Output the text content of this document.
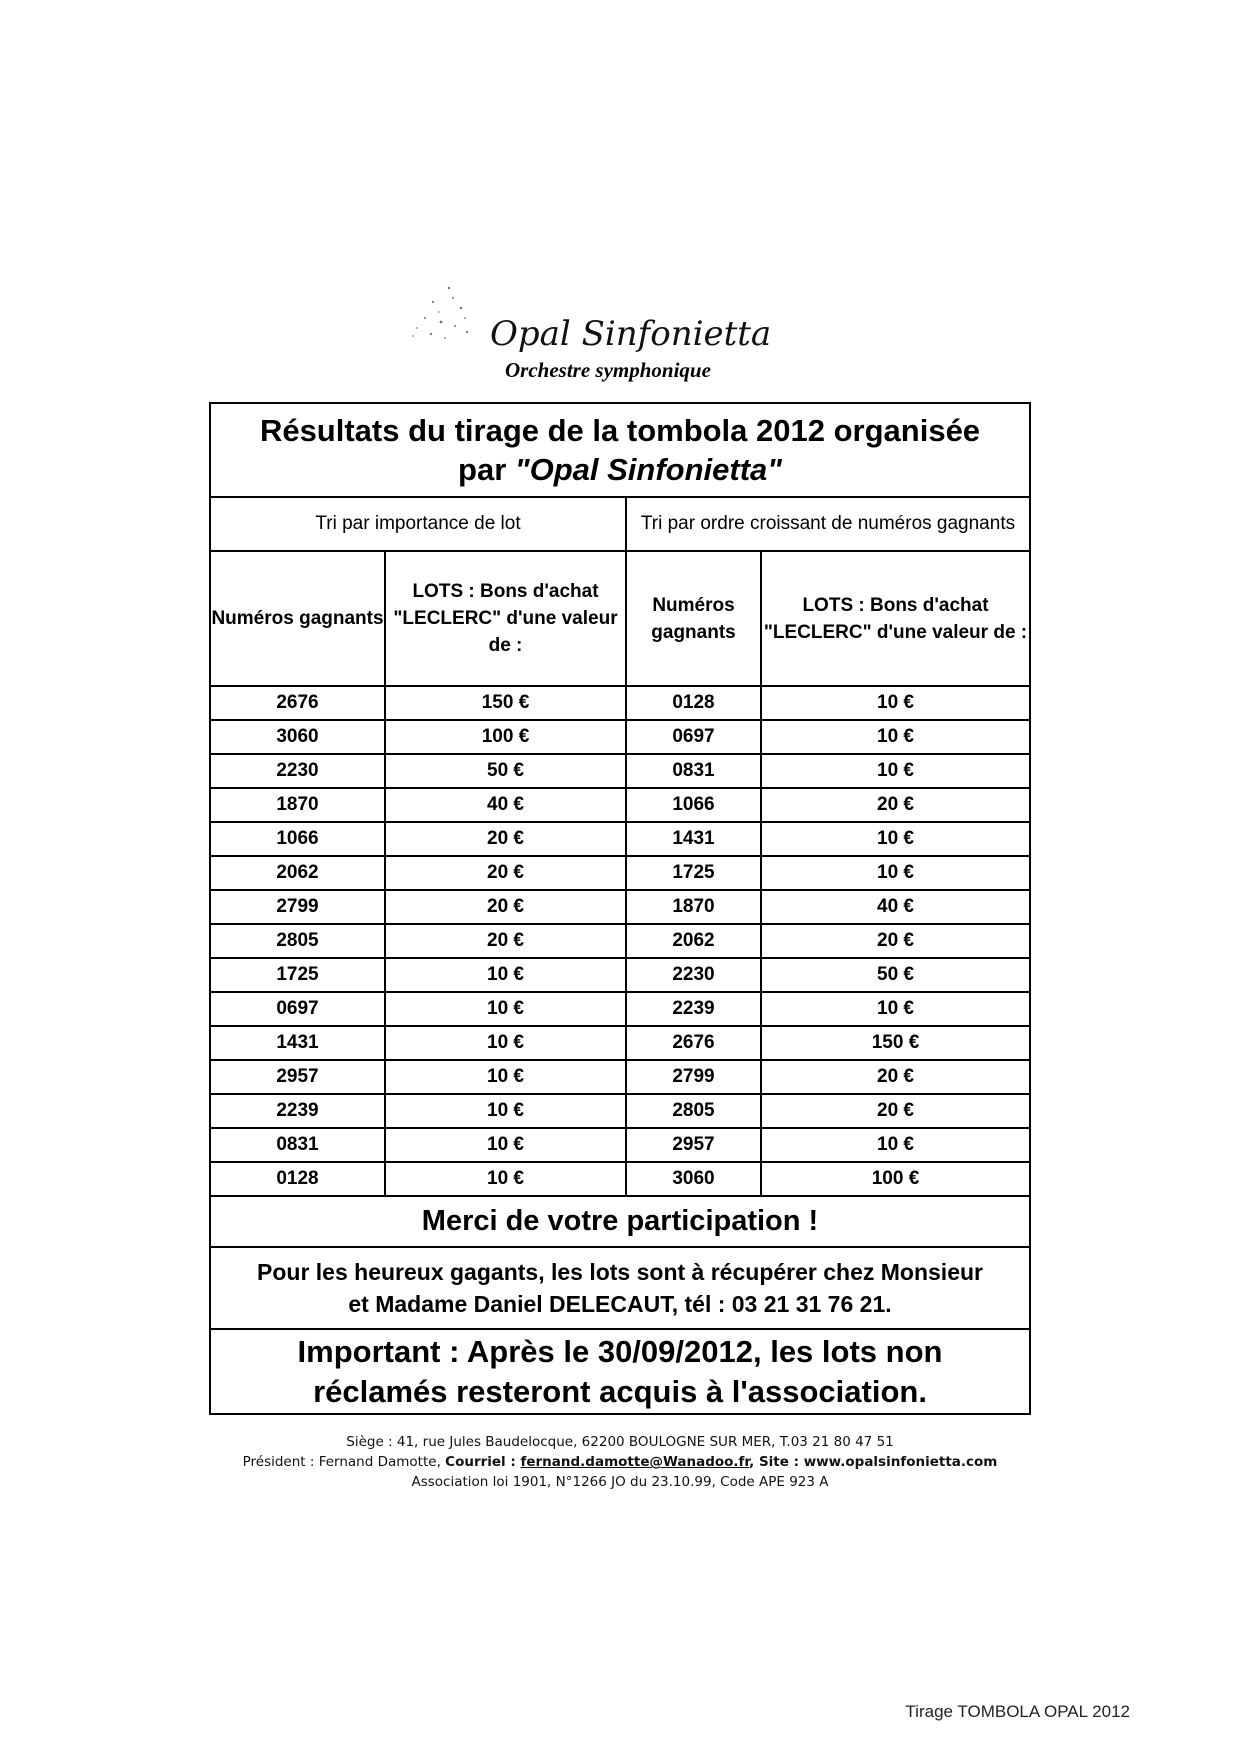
Opal Sinfonietta
Orchestre symphonique
Résultats du tirage de la tombola 2012 organisée
par "Opal Sinfonietta"			
Tri par importance de lot		Tri par ordre croissant de numéros gagnants	
Numéros gagnants	LOTS : Bons d'achat "LECLERC" d'une valeur de :	Numéros gagnants	LOTS : Bons d'achat "LECLERC" d'une valeur de :
2676	150 €	0128	10 €
3060	100 €	0697	10 €
2230	50 €	0831	10 €
1870	40 €	1066	20 €
1066	20 €	1431	10 €
2062	20 €	1725	10 €
2799	20 €	1870	40 €
2805	20 €	2062	20 €
1725	10 €	2230	50 €
0697	10 €	2239	10 €
1431	10 €	2676	150 €
2957	10 €	2799	20 €
2239	10 €	2805	20 €
0831	10 €	2957	10 €
0128	10 €	3060	100 €
Merci de votre participation !			
Pour les heureux gagants, les lots sont à récupérer chez Monsieur
et Madame Daniel DELECAUT, tél : 03 21 31 76 21.			
Important : Après le 30/09/2012, les lots non
réclamés resteront acquis à l'association.			
Siège : 41, rue Jules Baudelocque, 62200 BOULOGNE SUR MER, T.03 21 80 47 51
Président : Fernand Damotte, Courriel : fernand.damotte@Wanadoo.fr, Site : www.opalsinfonietta.com
Association loi 1901, N°1266 JO du 23.10.99, Code APE 923 A
Tirage TOMBOLA OPAL 2012
